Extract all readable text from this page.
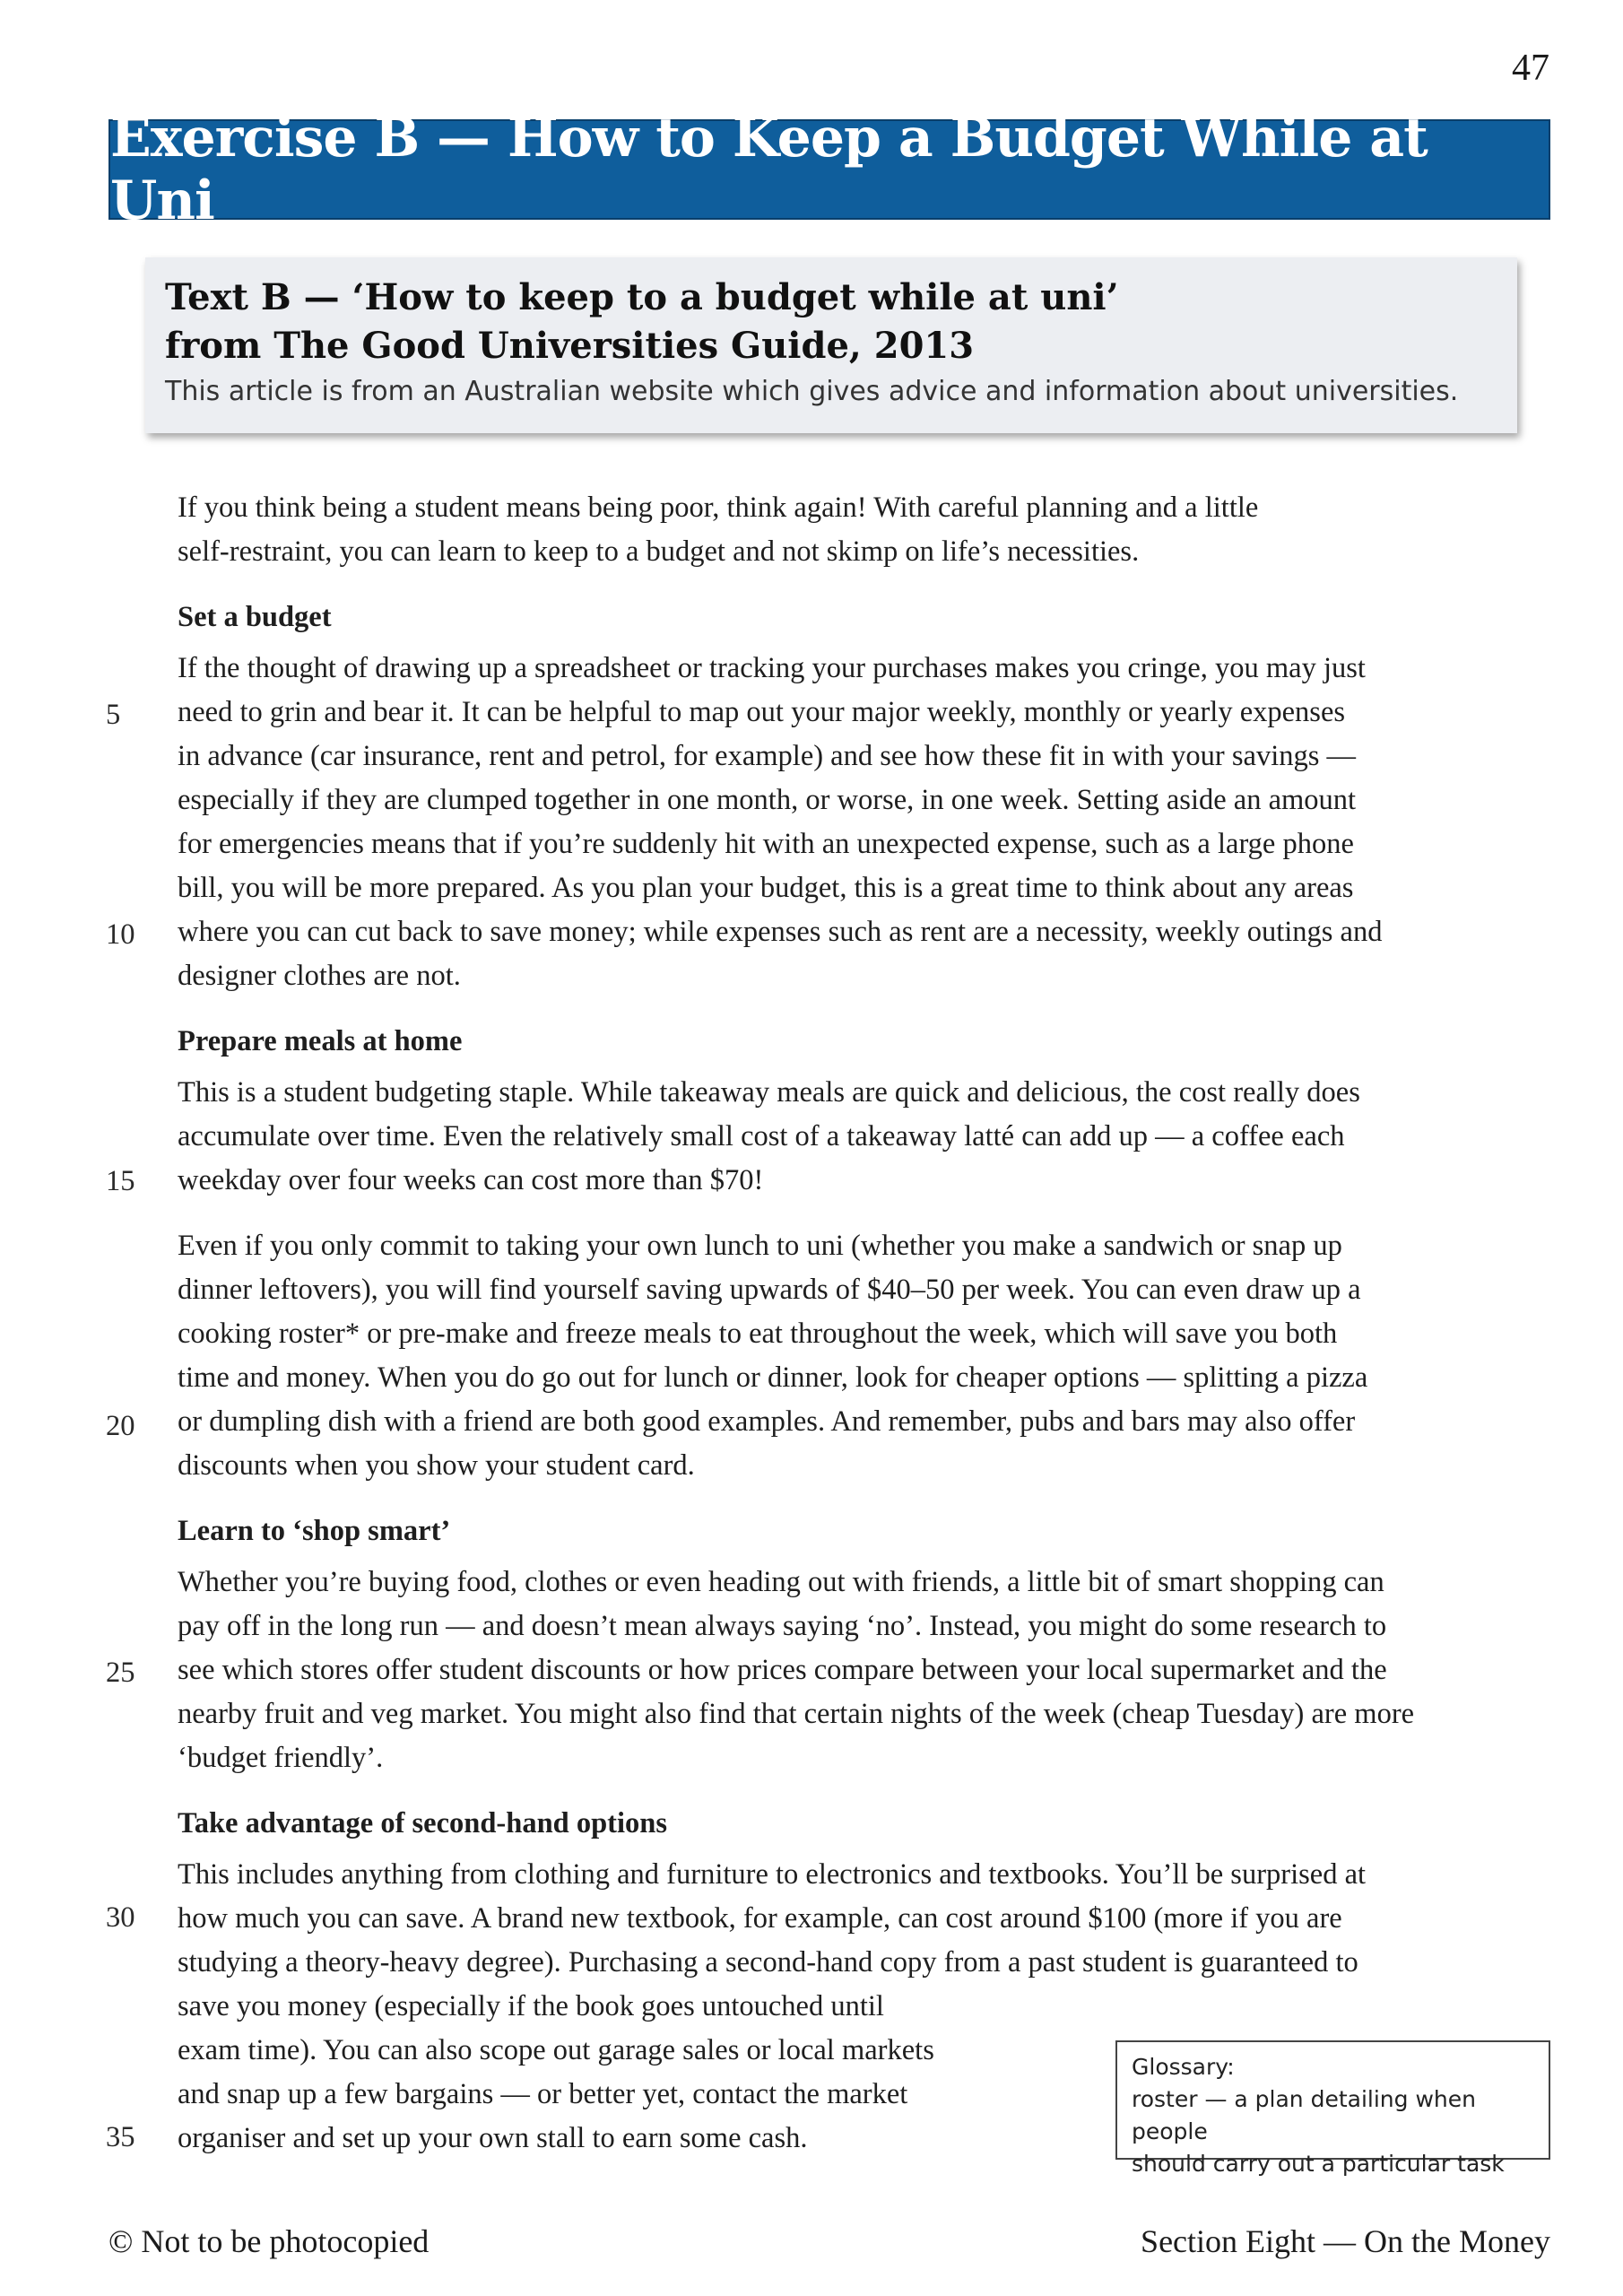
47
Exercise B — How to Keep a Budget While at Uni
Text B — ‘How to keep to a budget while at uni’
from The Good Universities Guide, 2013
This article is from an Australian website which gives advice and information about universities.

If you think being a student means being poor, think again! With careful planning and a little

self-restraint, you can learn to keep to a budget and not skimp on life’s necessities.

Set a budget

If the thought of drawing up a spreadsheet or tracking your purchases makes you cringe, you may just

need to grin and bear it. It can be helpful to map out your major weekly, monthly or yearly expenses

in advance (car insurance, rent and petrol, for example) and see how these fit in with your savings —

especially if they are clumped together in one month, or worse, in one week. Setting aside an amount

for emergencies means that if you’re suddenly hit with an unexpected expense, such as a large phone

bill, you will be more prepared. As you plan your budget, this is a great time to think about any areas

where you can cut back to save money; while expenses such as rent are a necessity, weekly outings and

designer clothes are not.

Prepare meals at home

This is a student budgeting staple. While takeaway meals are quick and delicious, the cost really does

accumulate over time. Even the relatively small cost of a takeaway latté can add up — a coffee each

weekday over four weeks can cost more than $70!

Even if you only commit to taking your own lunch to uni (whether you make a sandwich or snap up

dinner leftovers), you will find yourself saving upwards of $40–50 per week. You can even draw up a

cooking roster* or pre-make and freeze meals to eat throughout the week, which will save you both

time and money. When you do go out for lunch or dinner, look for cheaper options — splitting a pizza

or dumpling dish with a friend are both good examples. And remember, pubs and bars may also offer

discounts when you show your student card.

Learn to ‘shop smart’

Whether you’re buying food, clothes or even heading out with friends, a little bit of smart shopping can

pay off in the long run — and doesn’t mean always saying ‘no’. Instead, you might do some research to

see which stores offer student discounts or how prices compare between your local supermarket and the

nearby fruit and veg market. You might also find that certain nights of the week (cheap Tuesday) are more

‘budget friendly’.

Take advantage of second-hand options

This includes anything from clothing and furniture to electronics and textbooks. You’ll be surprised at

how much you can save. A brand new textbook, for example, can cost around $100 (more if you are

studying a theory-heavy degree). Purchasing a second-hand copy from a past student is guaranteed to

save you money (especially if the book goes untouched until

exam time). You can also scope out garage sales or local markets

and snap up a few bargains — or better yet, contact the market

organiser and set up your own stall to earn some cash.

5
10
15
20
25
30
35
Glossary:
roster — a plan detailing when people
should carry out a particular task
© Not to be photocopied	Section Eight — On the Money
